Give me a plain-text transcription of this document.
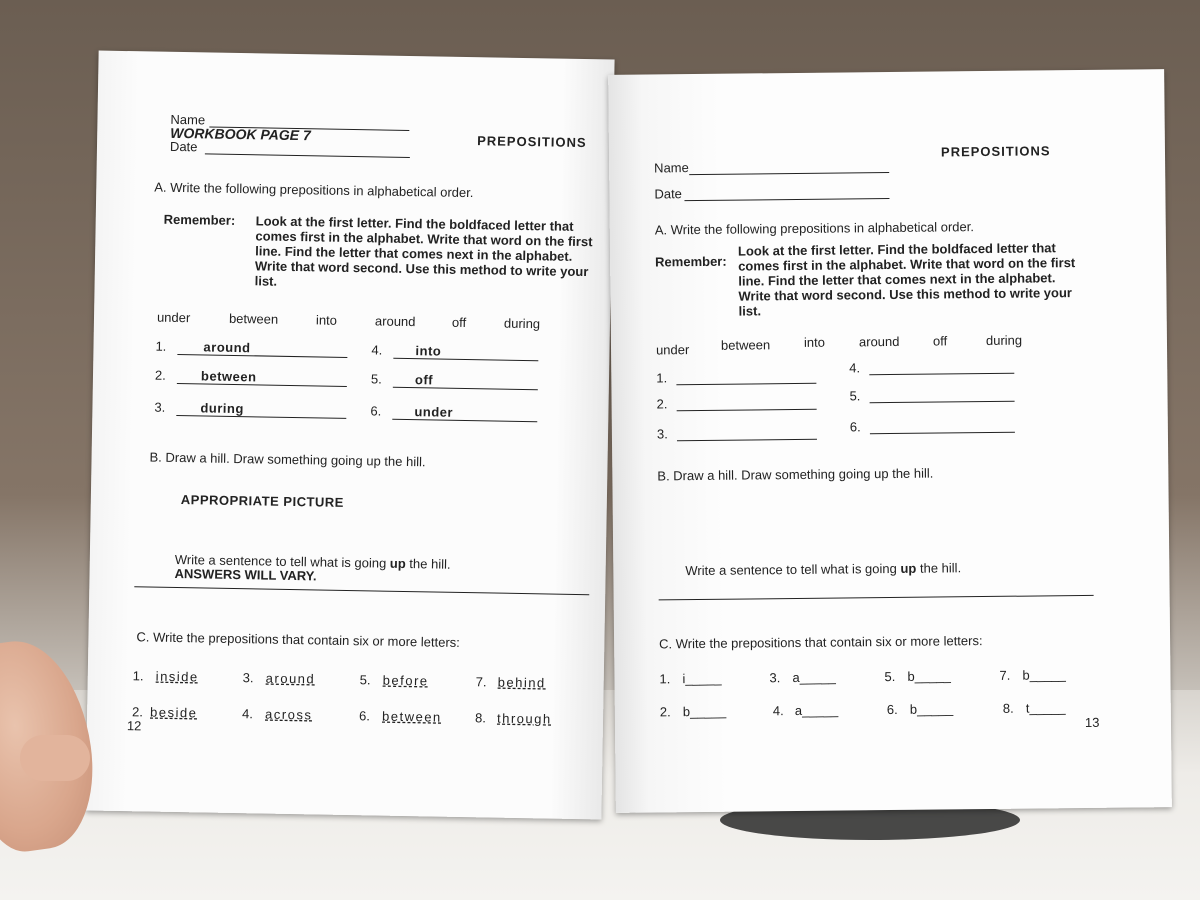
Name
WORKBOOK PAGE 7
Date	PREPOSITIONS
A. Write the following prepositions in alphabetical order.
Remember: Look at the first letter. Find the boldfaced letter that comes first in the alphabet. Write that word on the first line. Find the letter that comes next in the alphabet. Write that word second. Use this method to write your list.
under	between	into	around	off	during
1.	around
2.	between
3.	during
4.	into
5.	off
6.	under
B. Draw a hill. Draw something going up the hill.
APPROPRIATE PICTURE
Write a sentence to tell what is going up the hill.
ANSWERS WILL VARY.
C. Write the prepositions that contain six or more letters:
1. inside
2. beside
3. around
4. across
5. before
6. between
7. behind
8. through
12
PREPOSITIONS
Name
Date
A. Write the following prepositions in alphabetical order.
Remember:
Look at the first letter. Find the boldfaced letter that comes first in the alphabet. Write that word on the first line. Find the letter that comes next in the alphabet. Write that word second. Use this method to write your list.
under between	into	around	off	during
1.
2.
3.
4.
5.
6.
B. Draw a hill. Draw something going up the hill.
Write a sentence to tell what is going up the hill.
C. Write the prepositions that contain six or more letters:
1. i_____
2. b_____
3. a_____
4. a_____
5. b_____
6. b_____
7. b_____
8. t_____
13
